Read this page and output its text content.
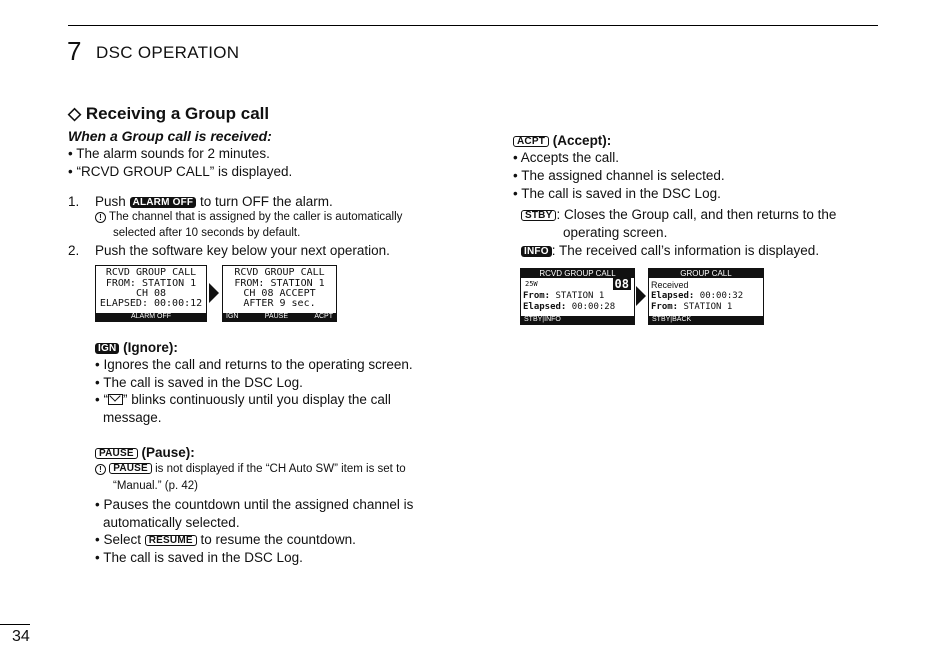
7 DSC OPERATION
◇ Receiving a Group call
When a Group call is received:
• The alarm sounds for 2 minutes.
• “RCVD GROUP CALL” is displayed.
1. Push ALARM OFF to turn OFF the alarm.
! The channel that is assigned by the caller is automatically
selected after 10 seconds by default.
2. Push the software key below your next operation.
RCVD GROUP CALL
FROM: STATION 1
CH 08
ELAPSED: 00:00:12
ALARM OFF
RCVD GROUP CALL
FROM: STATION 1
CH 08 ACCEPT
AFTER 9 sec.
IGN	PAUSE	ACPT
IGN (Ignore):
• Ignores the call and returns to the operating screen.
• The call is saved in the DSC Log.
• “ ” blinks continuously until you display the call
message.
PAUSE (Pause):
! PAUSE is not displayed if the “CH Auto SW” item is set to
“Manual.” (p. 42)
• Pauses the countdown until the assigned channel is
automatically selected.
• Select RESUME to resume the countdown.
• The call is saved in the DSC Log.
ACPT (Accept):
• Accepts the call.
• The assigned channel is selected.
• The call is saved in the DSC Log.
STBY : Closes the Group call, and then returns to the
operating screen.
INFO : The received call’s information is displayed.
RCVD GROUP CALL
25W	08
From: STATION 1
Elapsed: 00:00:28
STBY|INFO
GROUP CALL
Received
Elapsed: 00:00:32
From: STATION 1
STBY|BACK
34
